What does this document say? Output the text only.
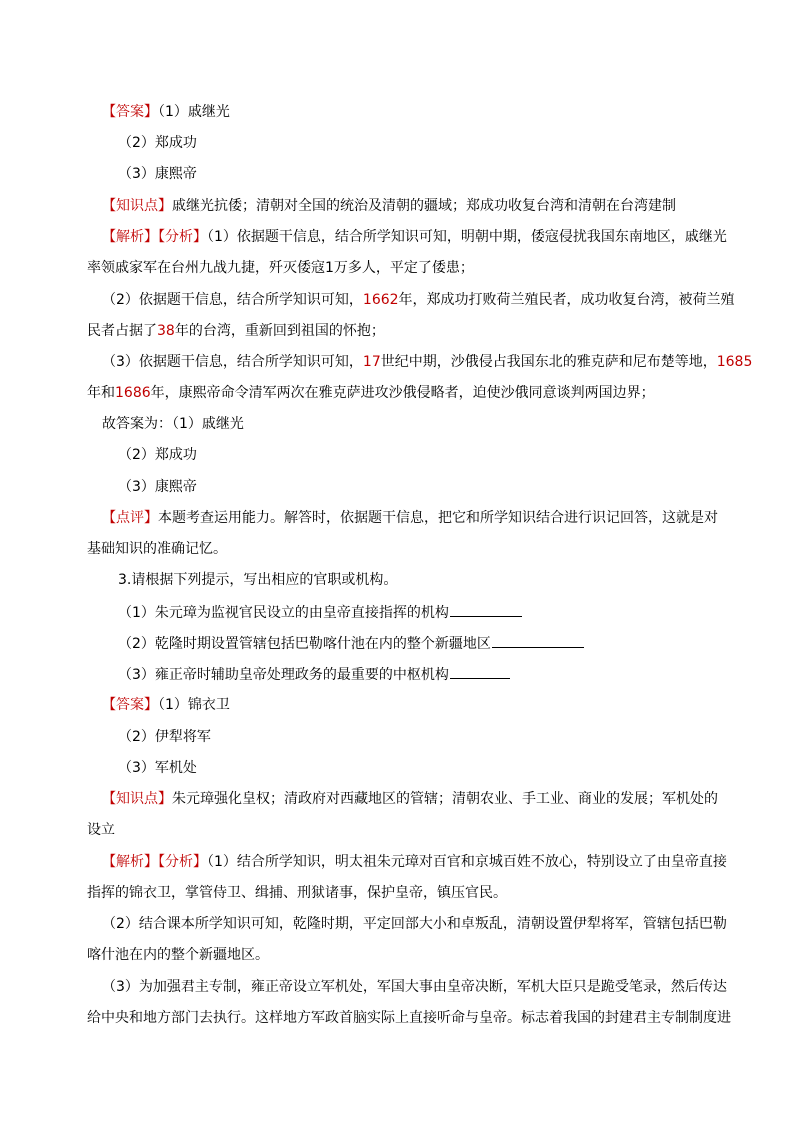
【答案】（1）戚继光
（2）郑成功
（3）康熙帝
【知识点】戚继光抗倭；清朝对全国的统治及清朝的疆域；郑成功收复台湾和清朝在台湾建制
【解析】【分析】（1）依据题干信息，结合所学知识可知，明朝中期，倭寇侵扰我国东南地区，戚继光
率领戚家军在台州九战九捷，歼灭倭寇1万多人，平定了倭患；
（2）依据题干信息，结合所学知识可知，1662年，郑成功打败荷兰殖民者，成功收复台湾，被荷兰殖
民者占据了38年的台湾，重新回到祖国的怀抱；
（3）依据题干信息，结合所学知识可知，17世纪中期，沙俄侵占我国东北的雅克萨和尼布楚等地，1685
年和1686年，康熙帝命令清军两次在雅克萨进攻沙俄侵略者，迫使沙俄同意谈判两国边界；
故答案为：（1）戚继光
（2）郑成功
（3）康熙帝
【点评】本题考查运用能力。解答时，依据题干信息，把它和所学知识结合进行识记回答，这就是对
基础知识的准确记忆。
3.请根据下列提示，写出相应的官职或机构。
（1）朱元璋为监视官民设立的由皇帝直接指挥的机构
（2）乾隆时期设置管辖包括巴勒喀什池在内的整个新疆地区
（3）雍正帝时辅助皇帝处理政务的最重要的中枢机构
【答案】（1）锦衣卫
（2）伊犁将军
（3）军机处
【知识点】朱元璋强化皇权；清政府对西藏地区的管辖；清朝农业、手工业、商业的发展；军机处的
设立
【解析】【分析】（1）结合所学知识，明太祖朱元璋对百官和京城百姓不放心，特别设立了由皇帝直接
指挥的锦衣卫，掌管侍卫、缉捕、刑狱诸事，保护皇帝，镇压官民。
（2）结合课本所学知识可知，乾隆时期，平定回部大小和卓叛乱，清朝设置伊犁将军，管辖包括巴勒
喀什池在内的整个新疆地区。
（3）为加强君主专制，雍正帝设立军机处，军国大事由皇帝决断，军机大臣只是跪受笔录，然后传达
给中央和地方部门去执行。这样地方军政首脑实际上直接听命与皇帝。标志着我国的封建君主专制制度进
